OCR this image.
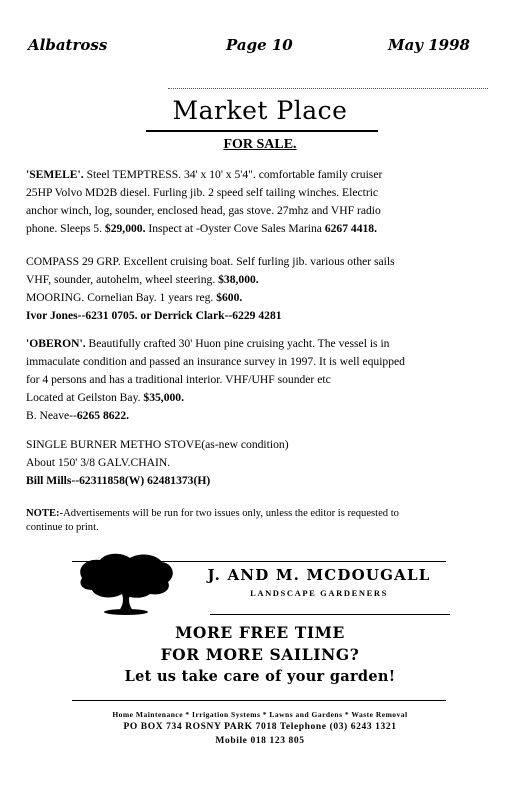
Albatross	Page 10	May 1998
Market Place
FOR SALE.

'SEMELE'. Steel TEMPTRESS. 34' x 10' x 5'4". comfortable family cruiser

25HP Volvo MD2B diesel. Furling jib. 2 speed self tailing winches. Electric

anchor winch, log, sounder, enclosed head, gas stove. 27mhz and VHF radio

phone. Sleeps 5. $29,000. Inspect at -Oyster Cove Sales Marina 6267 4418.

COMPASS 29 GRP. Excellent cruising boat. Self furling jib. various other sails

VHF, sounder, autohelm, wheel steering. $38,000.

MOORING. Cornelian Bay. 1 years reg. $600.

Ivor Jones--6231 0705. or Derrick Clark--6229 4281

'OBERON'. Beautifully crafted 30' Huon pine cruising yacht. The vessel is in

immaculate condition and passed an insurance survey in 1997. It is well equipped

for 4 persons and has a traditional interior. VHF/UHF sounder etc

Located at Geilston Bay. $35,000.

B. Neave--6265 8622.

SINGLE BURNER METHO STOVE(as-new condition)

About 150' 3/8 GALV.CHAIN.

Bill Mills--62311858(W) 62481373(H)

NOTE:-Advertisements will be run for two issues only, unless the editor is requested to

continue to print.

J. AND M. MCDOUGALL
LANDSCAPE GARDENERS
MORE FREE TIME
FOR MORE SAILING?
Let us take care of your garden!
Home Maintenance * Irrigation Systems * Lawns and Gardens * Waste Removal
PO BOX 734 ROSNY PARK 7018 Telephone (03) 6243 1321
Mobile 018 123 805
